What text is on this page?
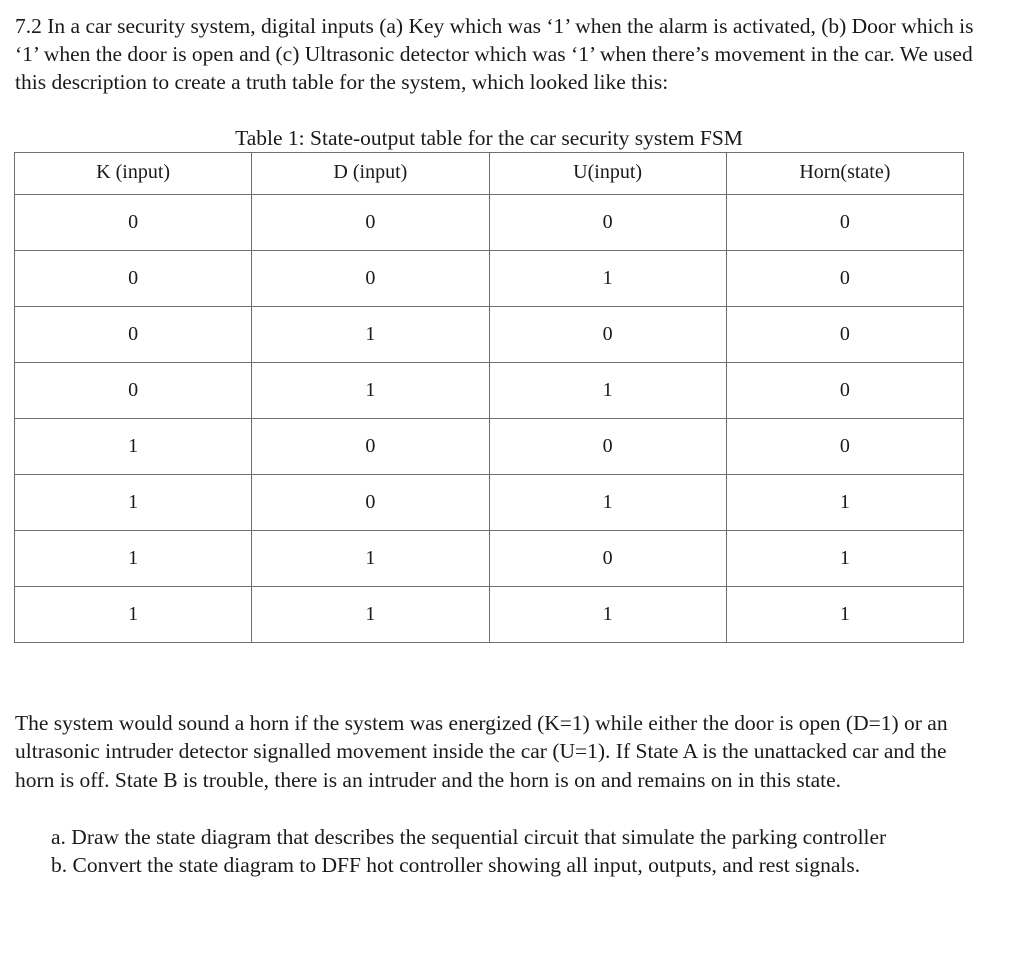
7.2 In a car security system, digital inputs (a) Key which was ‘1’ when the alarm is activated, (b) Door which is ‘1’ when the door is open and (c) Ultrasonic detector which was ‘1’ when there’s movement in the car. We used this description to create a truth table for the system, which looked like this:

Table 1: State-output table for the car security system FSM

K (input)	D (input)	U(input)	Horn(state)
0	0	0	0
0	0	1	0
0	1	0	0
0	1	1	0
1	0	0	0
1	0	1	1
1	1	0	1
1	1	1	1

The system would sound a horn if the system was energized (K=1) while either the door is open (D=1) or an ultrasonic intruder detector signalled movement inside the car (U=1). If State A is the unattacked car and the horn is off. State B is trouble, there is an intruder and the horn is on and remains on in this state.

a. Draw the state diagram that describes the sequential circuit that simulate the parking controller

b. Convert the state diagram to DFF hot controller showing all input, outputs, and rest signals.
